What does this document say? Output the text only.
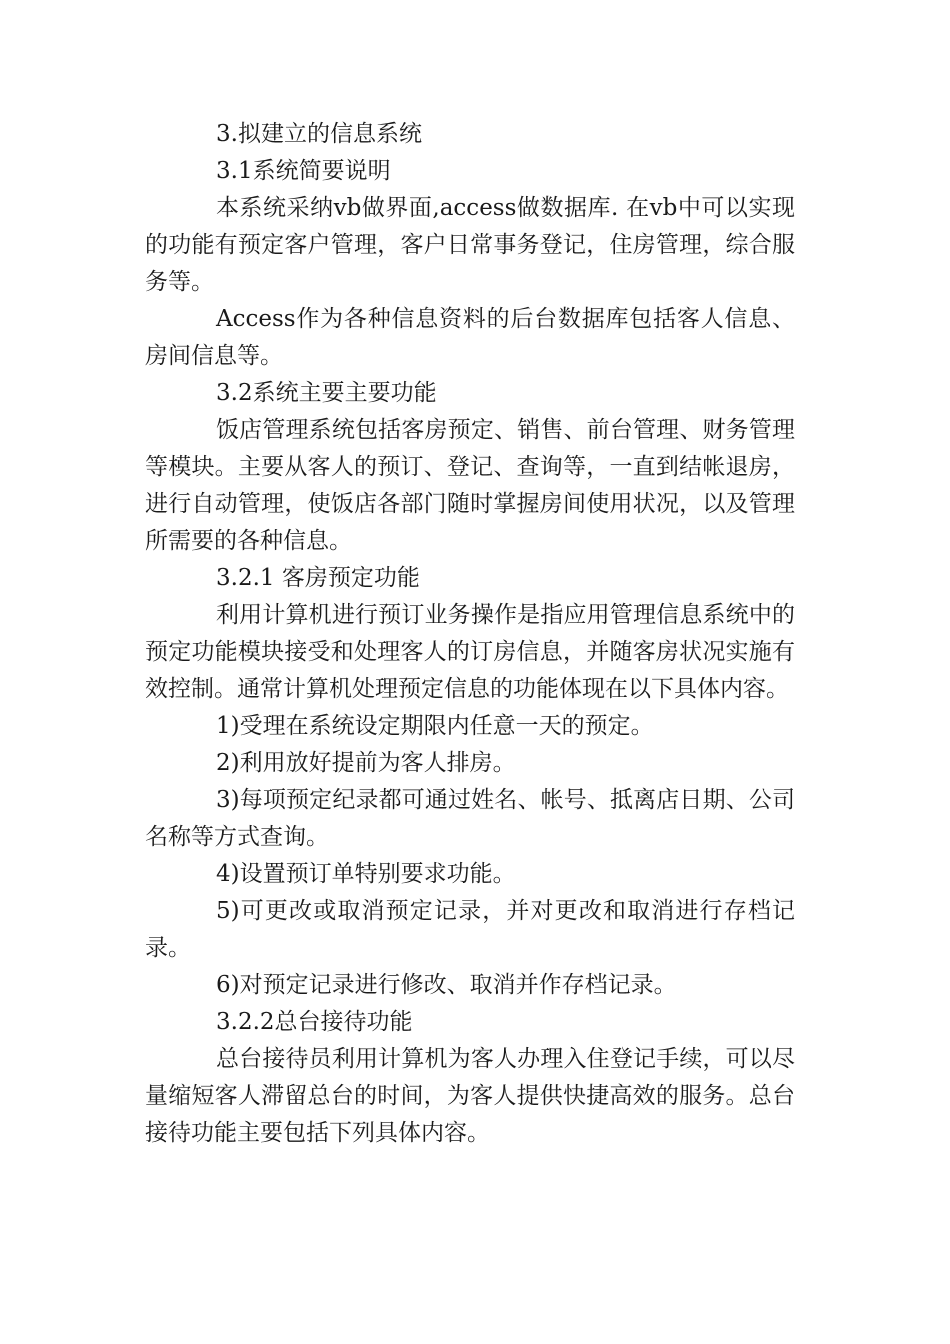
3.拟建立的信息系统

3.1系统简要说明

本系统采纳vb做界面,access做数据库. 在vb中可以实现的功能有预定客户管理，客户日常事务登记，住房管理，综合服务等。

Access作为各种信息资料的后台数据库包括客人信息、房间信息等。

3.2系统主要主要功能

饭店管理系统包括客房预定、销售、前台管理、财务管理等模块。主要从客人的预订、登记、查询等，一直到结帐退房，进行自动管理，使饭店各部门随时掌握房间使用状况，以及管理所需要的各种信息。

3.2.1 客房预定功能

利用计算机进行预订业务操作是指应用管理信息系统中的预定功能模块接受和处理客人的订房信息，并随客房状况实施有效控制。通常计算机处理预定信息的功能体现在以下具体内容。

1)受理在系统设定期限内任意一天的预定。

2)利用放好提前为客人排房。

3)每项预定纪录都可通过姓名、帐号、抵离店日期、公司名称等方式查询。

4)设置预订单特别要求功能。

5)可更改或取消预定记录，并对更改和取消进行存档记录。

6)对预定记录进行修改、取消并作存档记录。

3.2.2总台接待功能

总台接待员利用计算机为客人办理入住登记手续，可以尽量缩短客人滞留总台的时间，为客人提供快捷高效的服务。总台接待功能主要包括下列具体内容。
